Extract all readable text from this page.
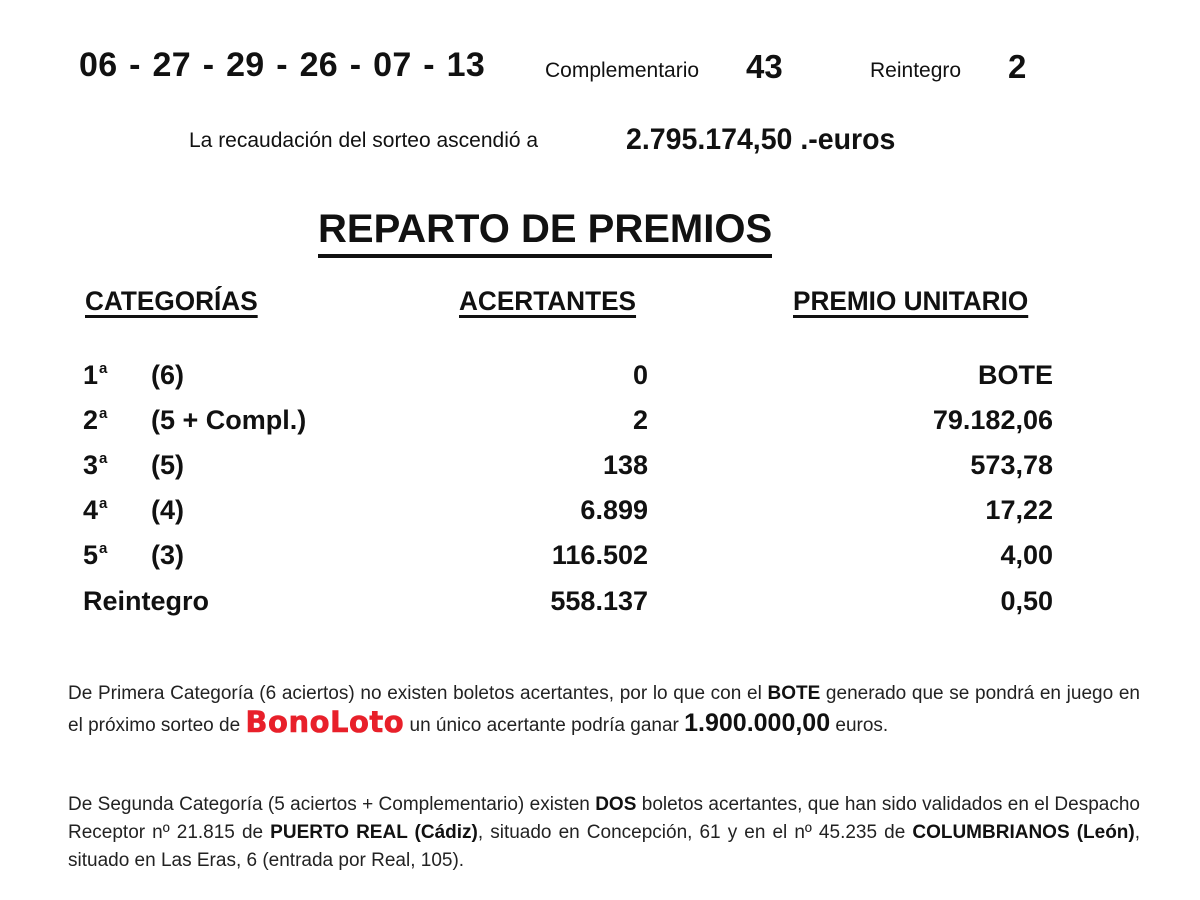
06 - 27 - 29 - 26 - 07 - 13	Complementario 43	Reintegro 2
La recaudación del sorteo ascendió a	2.795.174,50 .-euros
REPARTO DE PREMIOS
CATEGORÍAS	ACERTANTES	PREMIO UNITARIO
1$^a$ (6)	0	BOTE
2$^a$ (5 + Compl.)	2	79.182,06
3$^a$ (5)	138	573,78
4$^a$ (4)	6.899	17,22
5$^a$ (3)	116.502	4,00
Reintegro	558.137	0,50
De Primera Categoría (6 aciertos) no existen boletos acertantes, por lo que con el BOTE generado que se pondrá en juego en el próximo sorteo de BonoLoto un único acertante podría ganar 1.900.000,00 euros.
De Segunda Categoría (5 aciertos + Complementario) existen DOS boletos acertantes, que han sido validados en el Despacho Receptor nº 21.815 de PUERTO REAL (Cádiz), situado en Concepción, 61 y en el nº 45.235 de COLUMBRIANOS (León), situado en Las Eras, 6 (entrada por Real, 105).
